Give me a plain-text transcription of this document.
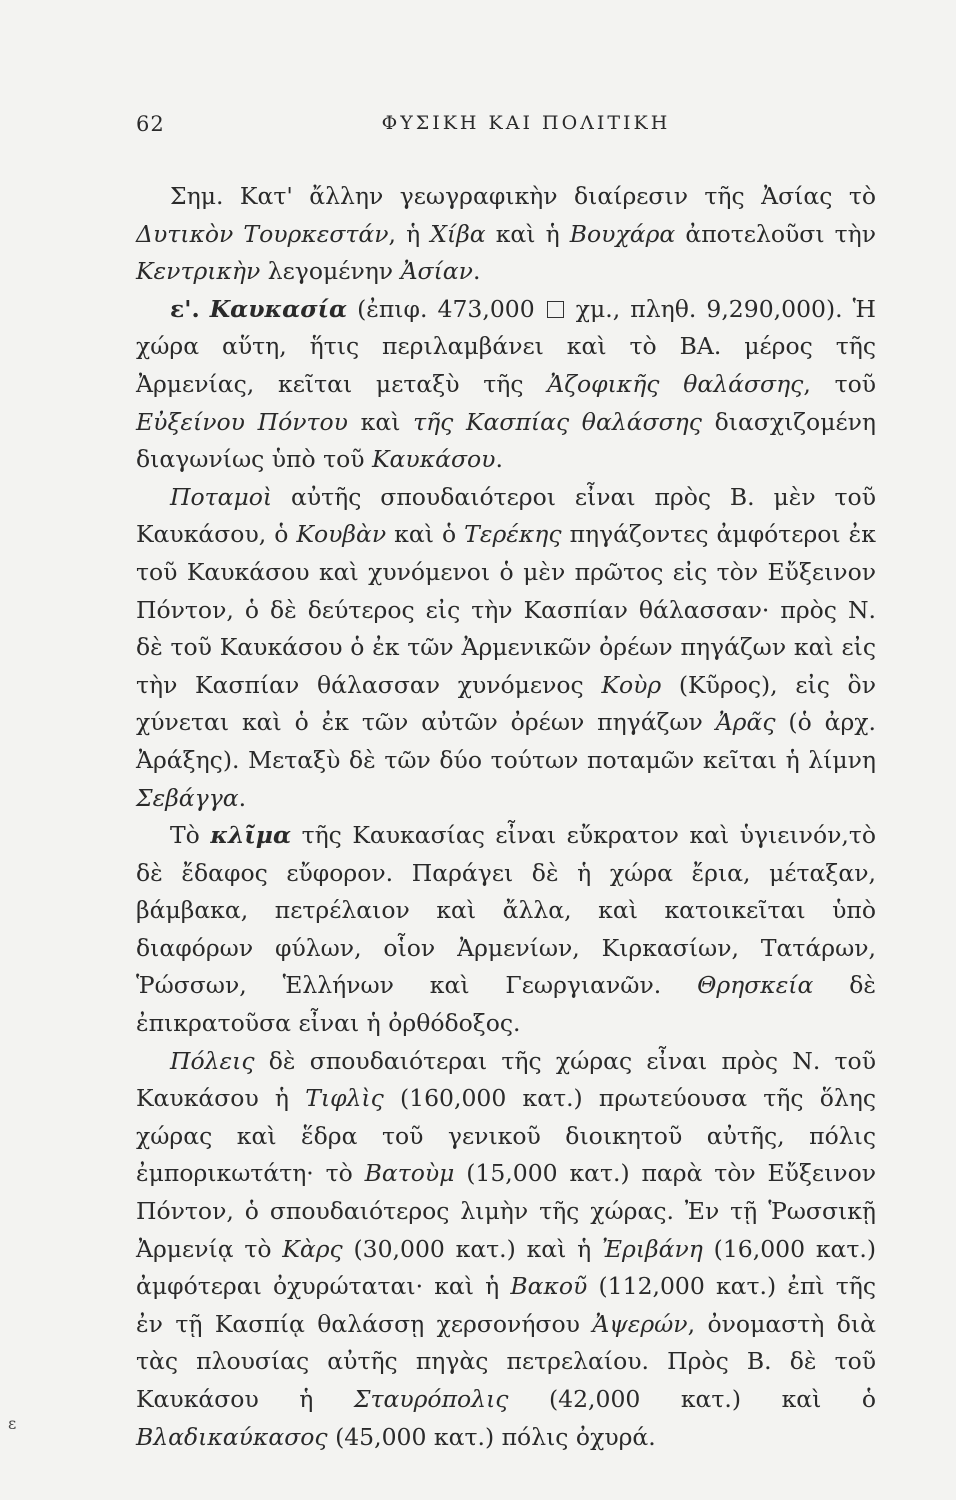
62	ΦΥΣΙΚΗ ΚΑΙ ΠΟΛΙΤΙΚΗ

Σημ. Κατ' ἄλλην γεωγραφικὴν διαίρεσιν τῆς Ἀσίας τὸ Δυτικὸν Τουρκεστάν, ἡ Χίβα καὶ ἡ Βουχάρα ἀποτελοῦσι τὴν Κεντρικὴν λεγομένην Ἀσίαν.

ε'. Καυκασία (ἐπιφ. 473,000  χμ., πληθ. 9,290,000). Ἡ χώρα αὕτη, ἥτις περιλαμβάνει καὶ τὸ ΒΑ. μέρος τῆς Ἀρμενίας, κεῖται μεταξὺ τῆς Ἀζοφικῆς θαλάσσης, τοῦ Εὐξείνου Πόντου καὶ τῆς Κασπίας θαλάσσης διασχιζομένη διαγωνίως ὑπὸ τοῦ Καυκάσου.

Ποταμοὶ αὐτῆς σπουδαιότεροι εἶναι πρὸς Β. μὲν τοῦ Καυκάσου, ὁ Κουβὰν καὶ ὁ Τερέκης πηγάζοντες ἀμφότεροι ἐκ τοῦ Καυκάσου καὶ χυνόμενοι ὁ μὲν πρῶτος εἰς τὸν Εὔξεινον Πόντον, ὁ δὲ δεύτερος εἰς τὴν Κασπίαν θάλασσαν· πρὸς Ν. δὲ τοῦ Καυκάσου ὁ ἐκ τῶν Ἀρμενικῶν ὀρέων πηγάζων καὶ εἰς τὴν Κασπίαν θάλασσαν χυνόμενος Κοὺρ (Κῦρος), εἰς ὃν χύνεται καὶ ὁ ἐκ τῶν αὐτῶν ὀρέων πηγάζων Ἀρᾶς (ὁ ἀρχ. Ἀράξης). Μεταξὺ δὲ τῶν δύο τούτων ποταμῶν κεῖται ἡ λίμνη Σεβάγγα.

Τὸ κλῖμα τῆς Καυκασίας εἶναι εὔκρατον καὶ ὑγιεινόν,τὸ δὲ ἔδαφος εὔφορον. Παράγει δὲ ἡ χώρα ἔρια, μέταξαν, βάμβακα, πετρέλαιον καὶ ἄλλα, καὶ κατοικεῖται ὑπὸ διαφόρων φύλων, οἷον Ἀρμενίων, Κιρκασίων, Τατάρων, Ῥώσσων, Ἑλλήνων καὶ Γεωργιανῶν. Θρησκεία δὲ ἐπικρατοῦσα εἶναι ἡ ὀρθόδοξος.

Πόλεις δὲ σπουδαιότεραι τῆς χώρας εἶναι πρὸς Ν. τοῦ Καυκάσου ἡ Τιφλὶς (160,000 κατ.) πρωτεύουσα τῆς ὅλης χώρας καὶ ἕδρα τοῦ γενικοῦ διοικητοῦ αὐτῆς, πόλις ἐμπορικωτάτη· τὸ Βατοὺμ (15,000 κατ.) παρὰ τὸν Εὔξεινον Πόντον, ὁ σπουδαιότερος λιμὴν τῆς χώρας. Ἐν τῇ Ῥωσσικῇ Ἀρμενίᾳ τὸ Κὰρς (30,000 κατ.) καὶ ἡ Ἐριβάνη (16,000 κατ.) ἀμφότεραι ὀχυρώταται· καὶ ἡ Βακοῦ (112,000 κατ.) ἐπὶ τῆς ἐν τῇ Κασπίᾳ θαλάσσῃ χερσονήσου Ἀψερών, ὀνομαστὴ διὰ τὰς πλουσίας αὐτῆς πηγὰς πετρελαίου. Πρὸς Β. δὲ τοῦ Καυκάσου ἡ Σταυρόπολις (42,000 κατ.) καὶ ὁ Βλαδικαύκασος (45,000 κατ.) πόλις ὀχυρά.

ɛ
